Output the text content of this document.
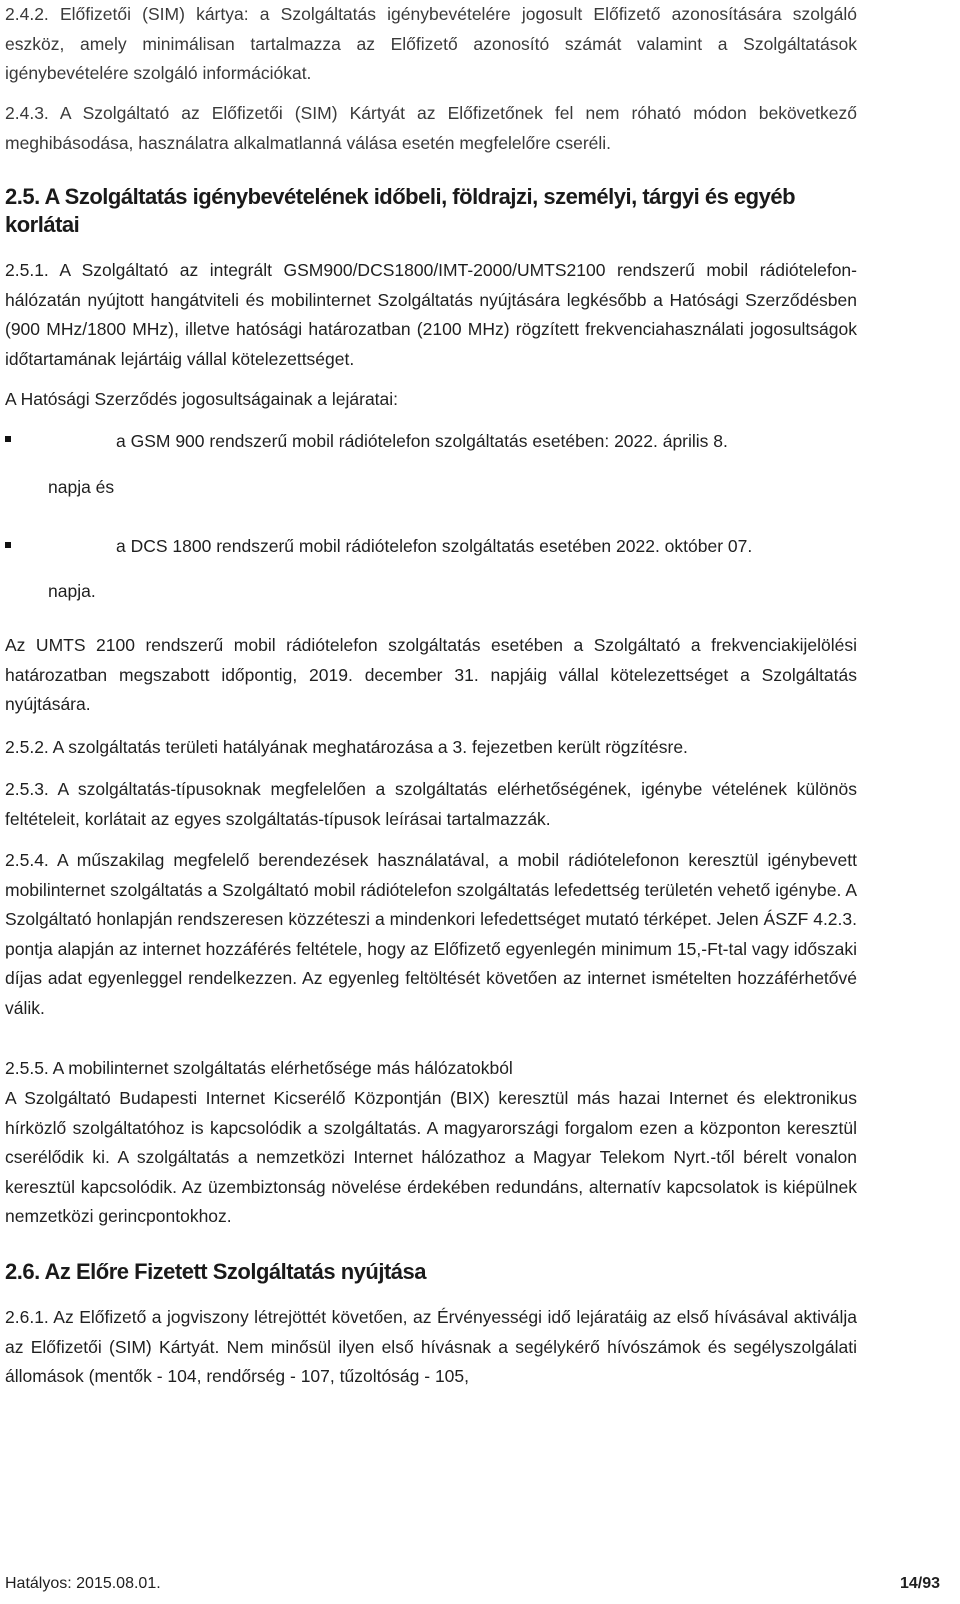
2.4.2. Előfizetői (SIM) kártya: a Szolgáltatás igénybevételére jogosult Előfizető azonosítására szolgáló eszköz, amely minimálisan tartalmazza az Előfizető azonosító számát valamint a Szolgáltatások igénybevételére szolgáló információkat.
2.4.3. A Szolgáltató az Előfizetői (SIM) Kártyát az Előfizetőnek fel nem róható módon bekövetkező meghibásodása, használatra alkalmatlanná válása esetén megfelelőre cseréli.
2.5. A Szolgáltatás igénybevételének időbeli, földrajzi, személyi, tárgyi és egyéb korlátai
2.5.1. A Szolgáltató az integrált GSM900/DCS1800/IMT-2000/UMTS2100 rendszerű mobil rádiótelefon-hálózatán nyújtott hangátviteli és mobilinternet Szolgáltatás nyújtására legkésőbb a Hatósági Szerződésben (900 MHz/1800 MHz), illetve hatósági határozatban (2100 MHz) rögzített frekvenciahasználati jogosultságok időtartamának lejártáig vállal kötelezettséget.
A Hatósági Szerződés jogosultságainak a lejáratai:
a GSM 900 rendszerű mobil rádiótelefon szolgáltatás esetében: 2022. április 8.
napja és
a DCS 1800 rendszerű mobil rádiótelefon szolgáltatás esetében 2022. október 07.
napja.
Az UMTS 2100 rendszerű mobil rádiótelefon szolgáltatás esetében a Szolgáltató a frekvenciakijelölési határozatban megszabott időpontig, 2019. december 31. napjáig vállal kötelezettséget a Szolgáltatás nyújtására.
2.5.2. A szolgáltatás területi hatályának meghatározása a 3. fejezetben került rögzítésre.
2.5.3. A szolgáltatás-típusoknak megfelelően a szolgáltatás elérhetőségének, igénybe vételének különös feltételeit, korlátait az egyes szolgáltatás-típusok leírásai tartalmazzák.
2.5.4. A műszakilag megfelelő berendezések használatával, a mobil rádiótelefonon keresztül igénybevett mobilinternet szolgáltatás a Szolgáltató mobil rádiótelefon szolgáltatás lefedettség területén vehető igénybe. A Szolgáltató honlapján rendszeresen közzéteszi a mindenkori lefedettséget mutató térképet. Jelen ÁSZF 4.2.3. pontja alapján az internet hozzáférés feltétele, hogy az Előfizető egyenlegén minimum 15,-Ft-tal vagy időszaki díjas adat egyenleggel rendelkezzen. Az egyenleg feltöltését követően az internet ismételten hozzáférhetővé válik.
2.5.5. A mobilinternet szolgáltatás elérhetősége más hálózatokból
A Szolgáltató Budapesti Internet Kicserélő Központján (BIX) keresztül más hazai Internet és elektronikus hírközlő szolgáltatóhoz is kapcsolódik a szolgáltatás. A magyarországi forgalom ezen a központon keresztül cserélődik ki. A szolgáltatás a nemzetközi Internet hálózathoz a Magyar Telekom Nyrt.-től bérelt vonalon keresztül kapcsolódik. Az üzembiztonság növelése érdekében redundáns, alternatív kapcsolatok is kiépülnek nemzetközi gerincpontokhoz.
2.6. Az Előre Fizetett Szolgáltatás nyújtása
2.6.1. Az Előfizető a jogviszony létrejöttét követően, az Érvényességi idő lejáratáig az első hívásával aktiválja az Előfizetői (SIM) Kártyát. Nem minősül ilyen első hívásnak a segélykérő hívószámok és segélyszolgálati állomások (mentők - 104, rendőrség - 107, tűzoltóság - 105,
Hatályos: 2015.08.01.	14/93
